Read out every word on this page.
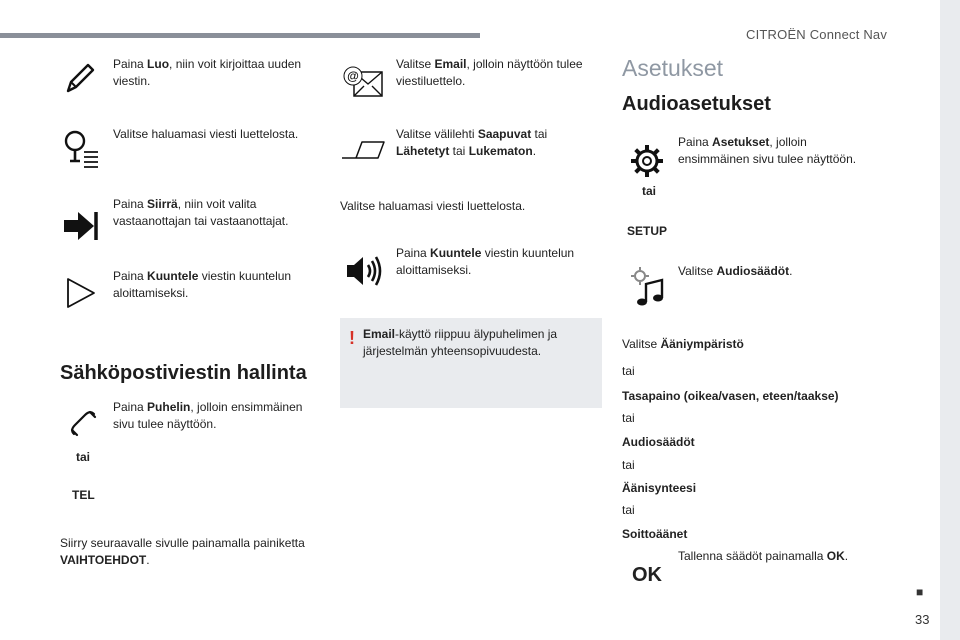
CITROËN Connect Nav
Paina Luo, niin voit kirjoittaa uuden viestin.
Valitse haluamasi viesti luettelosta.
Paina Siirrä, niin voit valita vastaanottajan tai vastaanottajat.
Paina Kuuntele viestin kuuntelun aloittamiseksi.
Sähköpostiviestin hallinta
Paina Puhelin, jolloin ensimmäinen sivu tulee näyttöön.
tai
TEL
Siirry seuraavalle sivulle painamalla painiketta VAIHTOEHDOT.
@
Valitse Email, jolloin näyttöön tulee viestiluettelo.
Valitse välilehti Saapuvat tai Lähetetyt tai Lukematon.
Valitse haluamasi viesti luettelosta.
Paina Kuuntele viestin kuuntelun aloittamiseksi.
! Email-käyttö riippuu älypuhelimen ja järjestelmän yhteensopivuudesta.
Asetukset
Audioasetukset
Paina Asetukset, jolloin ensimmäinen sivu tulee näyttöön.
tai
SETUP
Valitse Audiosäädöt.
Valitse Ääniympäristö
tai
Tasapaino (oikea/vasen, eteen/taakse)
tai
Audiosäädöt
tai
Äänisynteesi
tai
Soittoäänet
Tallenna säädöt painamalla OK.
OK
■
33
